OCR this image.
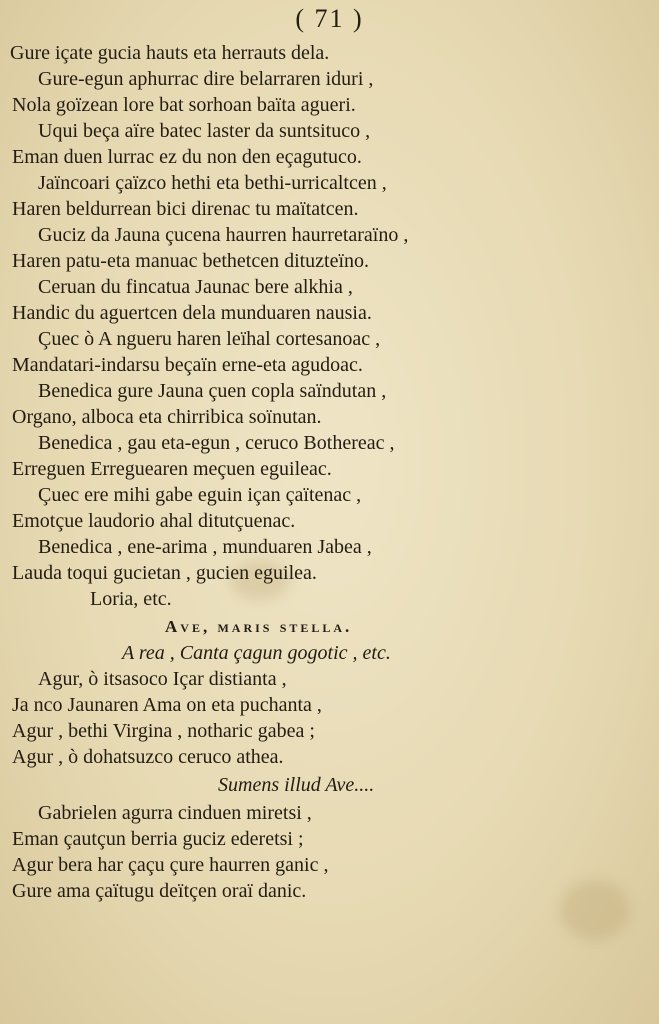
( 71 )
Gure içate gucia hauts eta herrauts dela.
Gure-egun aphurrac dire belarraren iduri ,
Nola goïzean lore bat sorhoan baïta agueri.
Uqui beça aïre batec laster da suntsituco ,
Eman duen lurrac ez du non den eçagutuco.
Jaïncoari çaïzco hethi eta bethi-urricaltcen ,
Haren beldurrean bici direnac tu maïtatcen.
Guciz da Jauna çucena haurren haurretaraïno ,
Haren patu-eta manuac bethetcen dituzteïno.
Ceruan du fincatua Jaunac bere alkhia ,
Handic du aguertcen dela munduaren nausia.
Çuec ò A ngueru haren leïhal cortesanoac ,
Mandatari-indarsu beçaïn erne-eta agudoac.
Benedica gure Jauna çuen copla saïndutan ,
Organo, alboca eta chirribica soïnutan.
Benedica , gau eta-egun , ceruco Bothereac ,
Erreguen Erreguearen meçuen eguileac.
Çuec ere mihi gabe eguin içan çaïtenac ,
Emotçue laudorio ahal ditutçuenac.
Benedica , ene-arima , munduaren Jabea ,
Lauda toqui gucietan , gucien eguilea.
Loria, etc.
Ave, maris stella.
A rea , Canta çagun gogotic , etc.
Agur, ò itsasoco Içar distianta ,
Ja nco Jaunaren Ama on eta puchanta ,
Agur , bethi Virgina , notharic gabea ;
Agur , ò dohatsuzco ceruco athea.
Sumens illud Ave....
Gabrielen agurra cinduen miretsi ,
Eman çautçun berria guciz ederetsi ;
Agur bera har çaçu çure haurren ganic ,
Gure ama çaïtugu deïtçen oraï danic.
